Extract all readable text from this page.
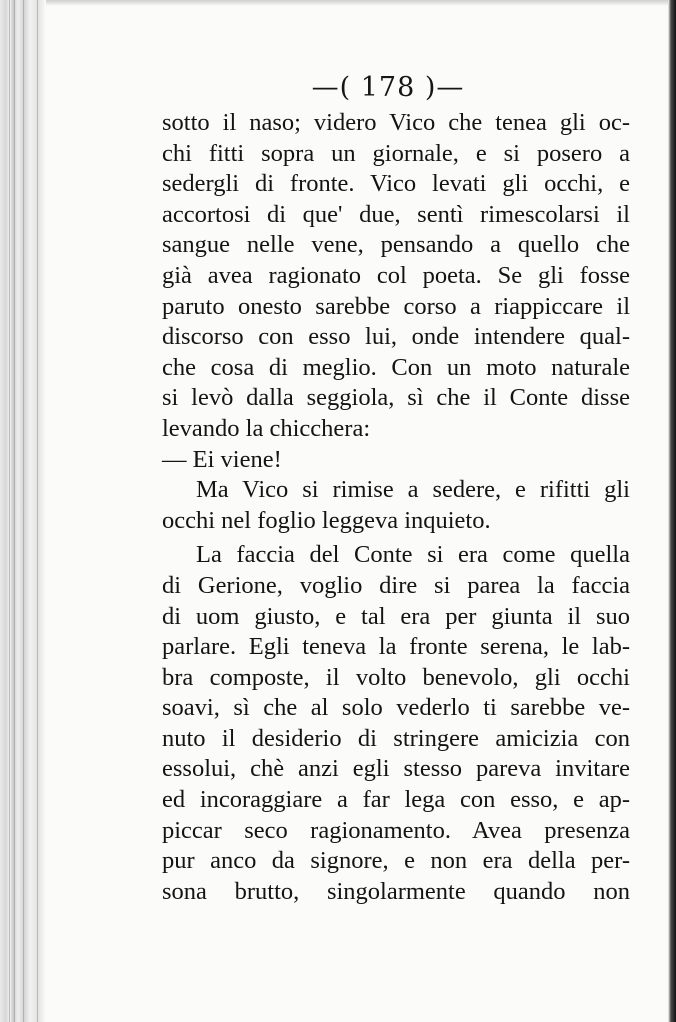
—( 178 )—
sotto il naso; videro Vico che tenea gli oc-
chi fitti sopra un giornale, e si posero a
sedergli di fronte. Vico levati gli occhi, e
accortosi di que' due, sentì rimescolarsi il
sangue nelle vene, pensando a quello che
già avea ragionato col poeta. Se gli fosse
paruto onesto sarebbe corso a riappiccare il
discorso con esso lui, onde intendere qual-
che cosa di meglio. Con un moto naturale
si levò dalla seggiola, sì che il Conte disse
levando la chicchera:
— Ei viene!
Ma Vico si rimise a sedere, e rifitti gli
occhi nel foglio leggeva inquieto.
La faccia del Conte si era come quella
di Gerione, voglio dire si parea la faccia
di uom giusto, e tal era per giunta il suo
parlare. Egli teneva la fronte serena, le lab-
bra composte, il volto benevolo, gli occhi
soavi, sì che al solo vederlo ti sarebbe ve-
nuto il desiderio di stringere amicizia con
essolui, chè anzi egli stesso pareva invitare
ed incoraggiare a far lega con esso, e ap-
piccar seco ragionamento. Avea presenza
pur anco da signore, e non era della per-
sona brutto, singolarmente quando non
